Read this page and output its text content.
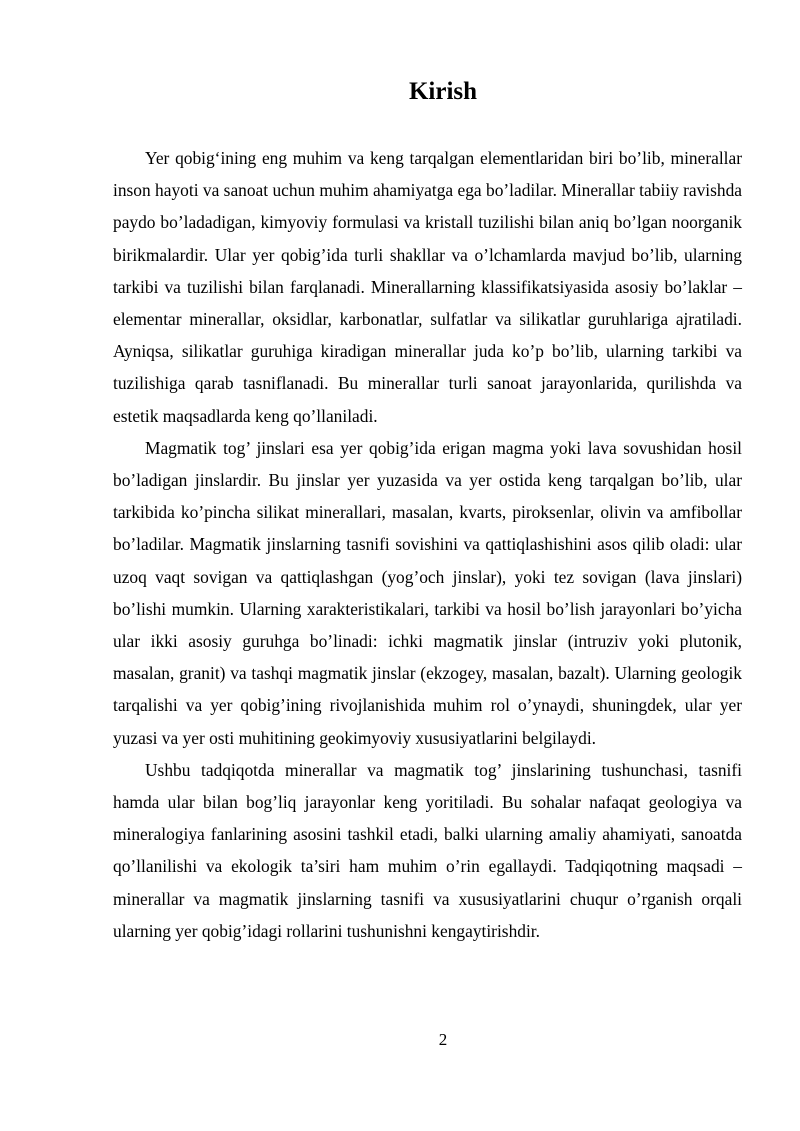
Kirish

Yer qobig‘ining eng muhim va keng tarqalgan elementlaridan biri bo’lib, minerallar inson hayoti va sanoat uchun muhim ahamiyatga ega bo’ladilar. Minerallar tabiiy ravishda paydo bo’ladadigan, kimyoviy formulasi va kristall tuzilishi bilan aniq bo’lgan noorganik birikmalardir. Ular yer qobig’ida turli shakllar va o’lchamlarda mavjud bo’lib, ularning tarkibi va tuzilishi bilan farqlanadi. Minerallarning klassifikatsiyasida asosiy bo’laklar – elementar minerallar, oksidlar, karbonatlar, sulfatlar va silikatlar guruhlariga ajratiladi. Ayniqsa, silikatlar guruhiga kiradigan minerallar juda ko’p bo’lib, ularning tarkibi va tuzilishiga qarab tasniflanadi. Bu minerallar turli sanoat jarayonlarida, qurilishda va estetik maqsadlarda keng qo’llaniladi.

Magmatik tog’ jinslari esa yer qobig’ida erigan magma yoki lava sovushidan hosil bo’ladigan jinslardir. Bu jinslar yer yuzasida va yer ostida keng tarqalgan bo’lib, ular tarkibida ko’pincha silikat minerallari, masalan, kvarts, piroksenlar, olivin va amfibollar bo’ladilar. Magmatik jinslarning tasnifi sovishini va qattiqlashishini asos qilib oladi: ular uzoq vaqt sovigan va qattiqlashgan (yog’och jinslar), yoki tez sovigan (lava jinslari) bo’lishi mumkin. Ularning xarakteristikalari, tarkibi va hosil bo’lish jarayonlari bo’yicha ular ikki asosiy guruhga bo’linadi: ichki magmatik jinslar (intruziv yoki plutonik, masalan, granit) va tashqi magmatik jinslar (ekzogey, masalan, bazalt). Ularning geologik tarqalishi va yer qobig’ining rivojlanishida muhim rol o’ynaydi, shuningdek, ular yer yuzasi va yer osti muhitining geokimyoviy xususiyatlarini belgilaydi.

Ushbu tadqiqotda minerallar va magmatik tog’ jinslarining tushunchasi, tasnifi hamda ular bilan bog’liq jarayonlar keng yoritiladi. Bu sohalar nafaqat geologiya va mineralogiya fanlarining asosini tashkil etadi, balki ularning amaliy ahamiyati, sanoatda qo’llanilishi va ekologik ta’siri ham muhim o’rin egallaydi. Tadqiqotning maqsadi – minerallar va magmatik jinslarning tasnifi va xususiyatlarini chuqur o’rganish orqali ularning yer qobig’idagi rollarini tushunishni kengaytirishdir.

2
